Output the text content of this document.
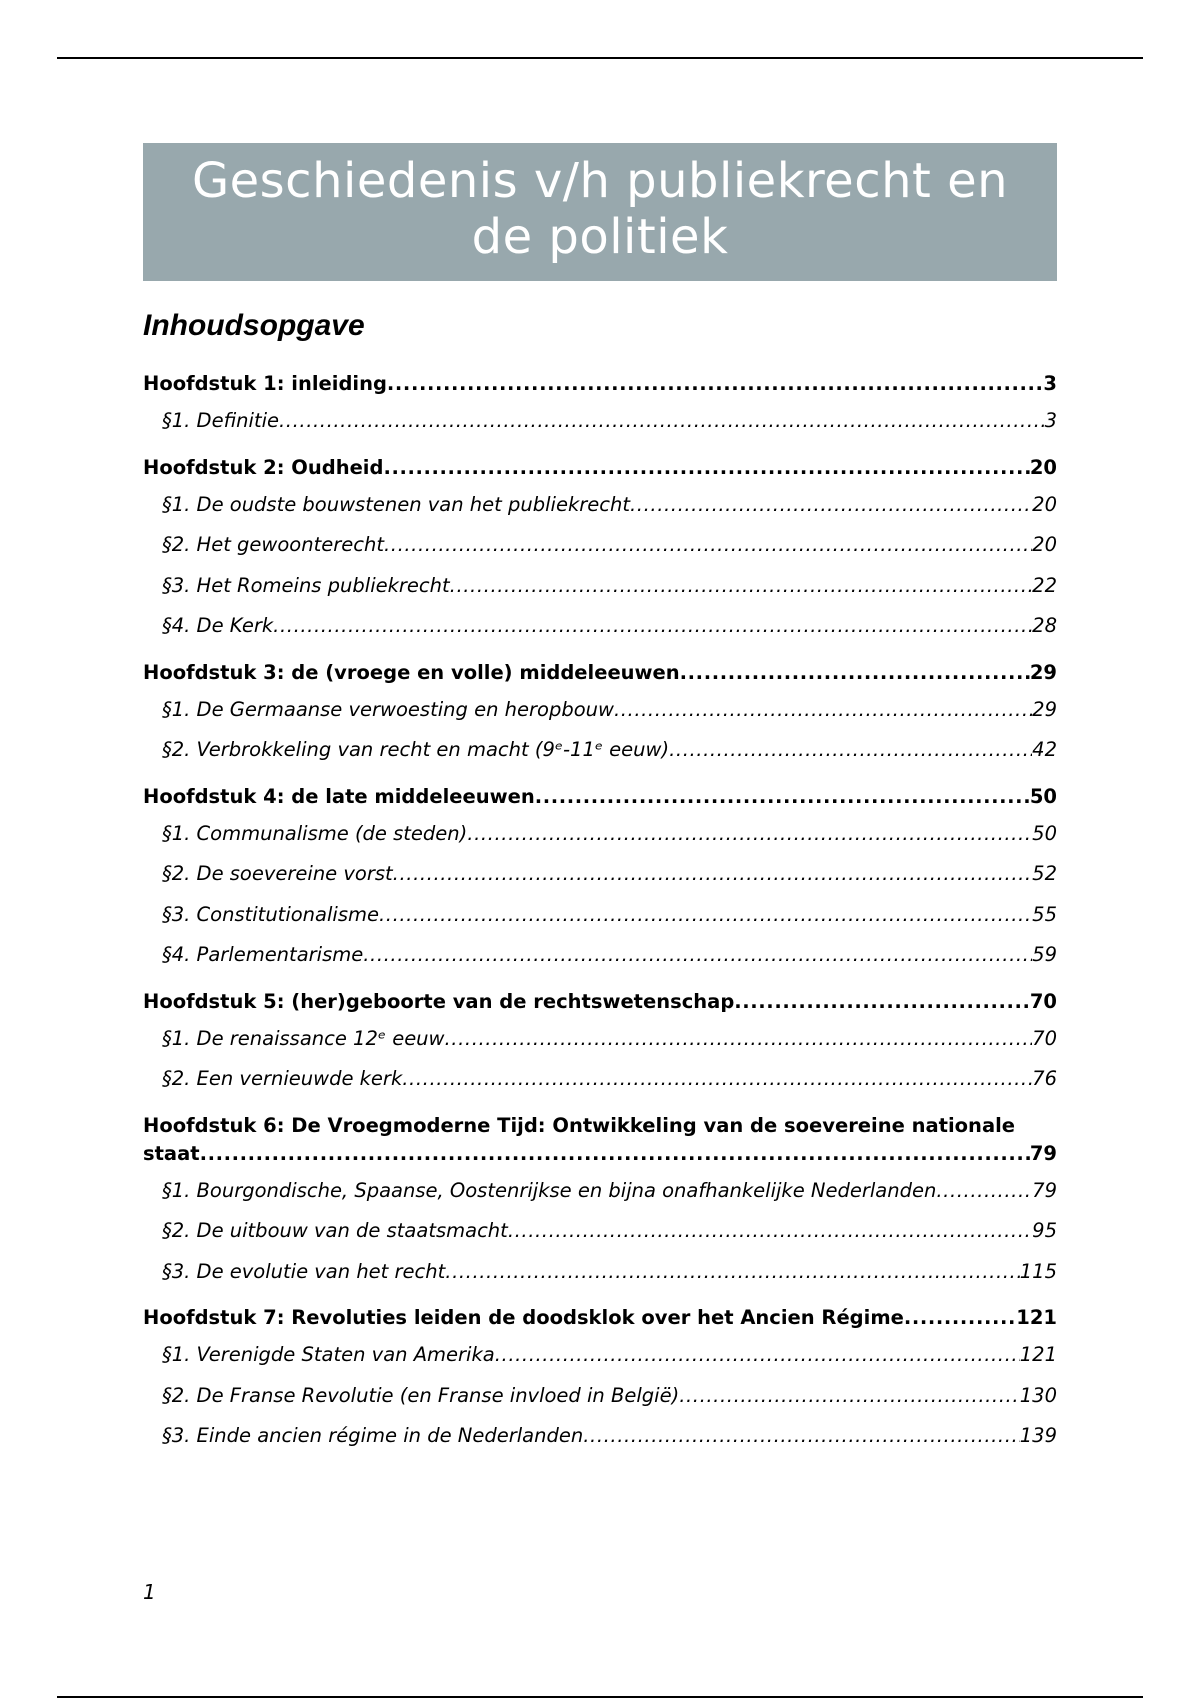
Geschiedenis v/h publiekrecht en
de politiek
Inhoudsopgave
Hoofdstuk 1: inleiding .....	3
§1. Definitie .....	3
Hoofdstuk 2: Oudheid .....	20
§1. De oudste bouwstenen van het publiekrecht .....	20
§2. Het gewoonterecht .....	20
§3. Het Romeins publiekrecht .....	22
§4. De Kerk .....	28
Hoofdstuk 3: de (vroege en volle) middeleeuwen .....	29
§1. De Germaanse verwoesting en heropbouw .....	29
§2. Verbrokkeling van recht en macht (9ᵉ-11ᵉ eeuw) .....	42
Hoofdstuk 4: de late middeleeuwen .....	50
§1. Communalisme (de steden) .....	50
§2. De soevereine vorst .....	52
§3. Constitutionalisme .....	55
§4. Parlementarisme .....	59
Hoofdstuk 5: (her)geboorte van de rechtswetenschap .....	70
§1. De renaissance 12ᵉ eeuw .....	70
§2. Een vernieuwde kerk .....	76
Hoofdstuk 6: De Vroegmoderne Tijd: Ontwikkeling van de soevereine nationale
staat .....	79
§1. Bourgondische, Spaanse, Oostenrijkse en bijna onafhankelijke Nederlanden .....	79
§2. De uitbouw van de staatsmacht .....	95
§3. De evolutie van het recht .....	115
Hoofdstuk 7: Revoluties leiden de doodsklok over het Ancien Régime .....	121
§1. Verenigde Staten van Amerika .....	121
§2. De Franse Revolutie (en Franse invloed in België) .....	130
§3. Einde ancien régime in de Nederlanden .....	139
1
